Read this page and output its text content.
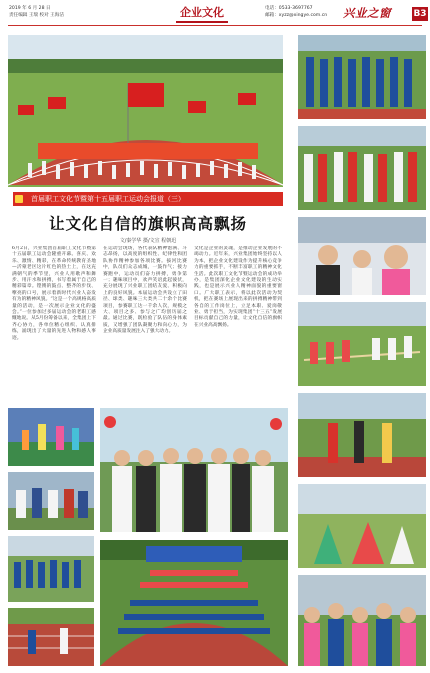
2019 年 6 月 28 日
责任编辑 王瑞 校对 王海洁	企业文化	电话：0533-3697767
邮箱：xyzz@xingye.com.cn 兴业之窗 B3
首届职工文化节暨第十五届职工运动会报道（三）
让文化自信的旗帜高高飘扬
文/秦学华 摄/文宣 程朝迅
6月2日，兴业集团首届职工文化节暨第十五届职工运动会隆重开幕。喜庆、欢乐、激情、精彩，在革命传统教育圣地—沂蒙老区这片红色的热土上，在这充满朝气的季节里，兴业人用歌声和舞步、用汗水和拼搏，书写着属于自己的精彩篇章。铿锵的鼓点、整齐的步伐、嘹亮的口号，展示着新时代兴业人奋发有为的精神风貌。“这是一个高规格高质量的活动，是一次展示企业文化的盛会。”一位参加过多届运动会的老职工感慨地说。从5月份筹备以来，全集团上下齐心协力，各单位精心组织、认真排练，涌现出了大量的先进人物和感人事迹。
在运动会现场，各代表队精神饱满、斗志昂扬，以高度的组织性、纪律性和团队协作精神参加各项比赛。拔河比赛中，队员们众志成城，一鼓作气；接力赛跑中，运动员们奋力拼搏，勇争第一；趣味项目中，欢声笑语此起彼伏，充分展现了兴业职工团结友爱、积极向上的良好风貌。本届运动会共设立了田径、球类、趣味三大类共二十余个比赛项目，参赛职工达一千余人次，规模之大、项目之多、参与之广均创历届之最。通过比赛，既检验了队伍的身体素质，又增强了团队凝聚力和向心力，为企业高质量发展注入了强大动力。
文化是企业的灵魂，是推动企业发展的不竭动力。近年来，兴业集团始终坚持以人为本，把企业文化建设作为提升核心竞争力的重要抓手，不断丰富职工的精神文化生活。此次职工文化节暨运动会的成功举办，是集团深化企业文化建设的生动实践，也是展示兴业人精神面貌的重要窗口。广大职工表示，将以此次活动为契机，把在赛场上展现出来的拼搏精神带到各自的工作岗位上，立足本职、爱岗敬业、勇于担当，为实现集团“十三五”发展目标贡献自己的力量，让文化自信的旗帜在兴业高高飘扬。
